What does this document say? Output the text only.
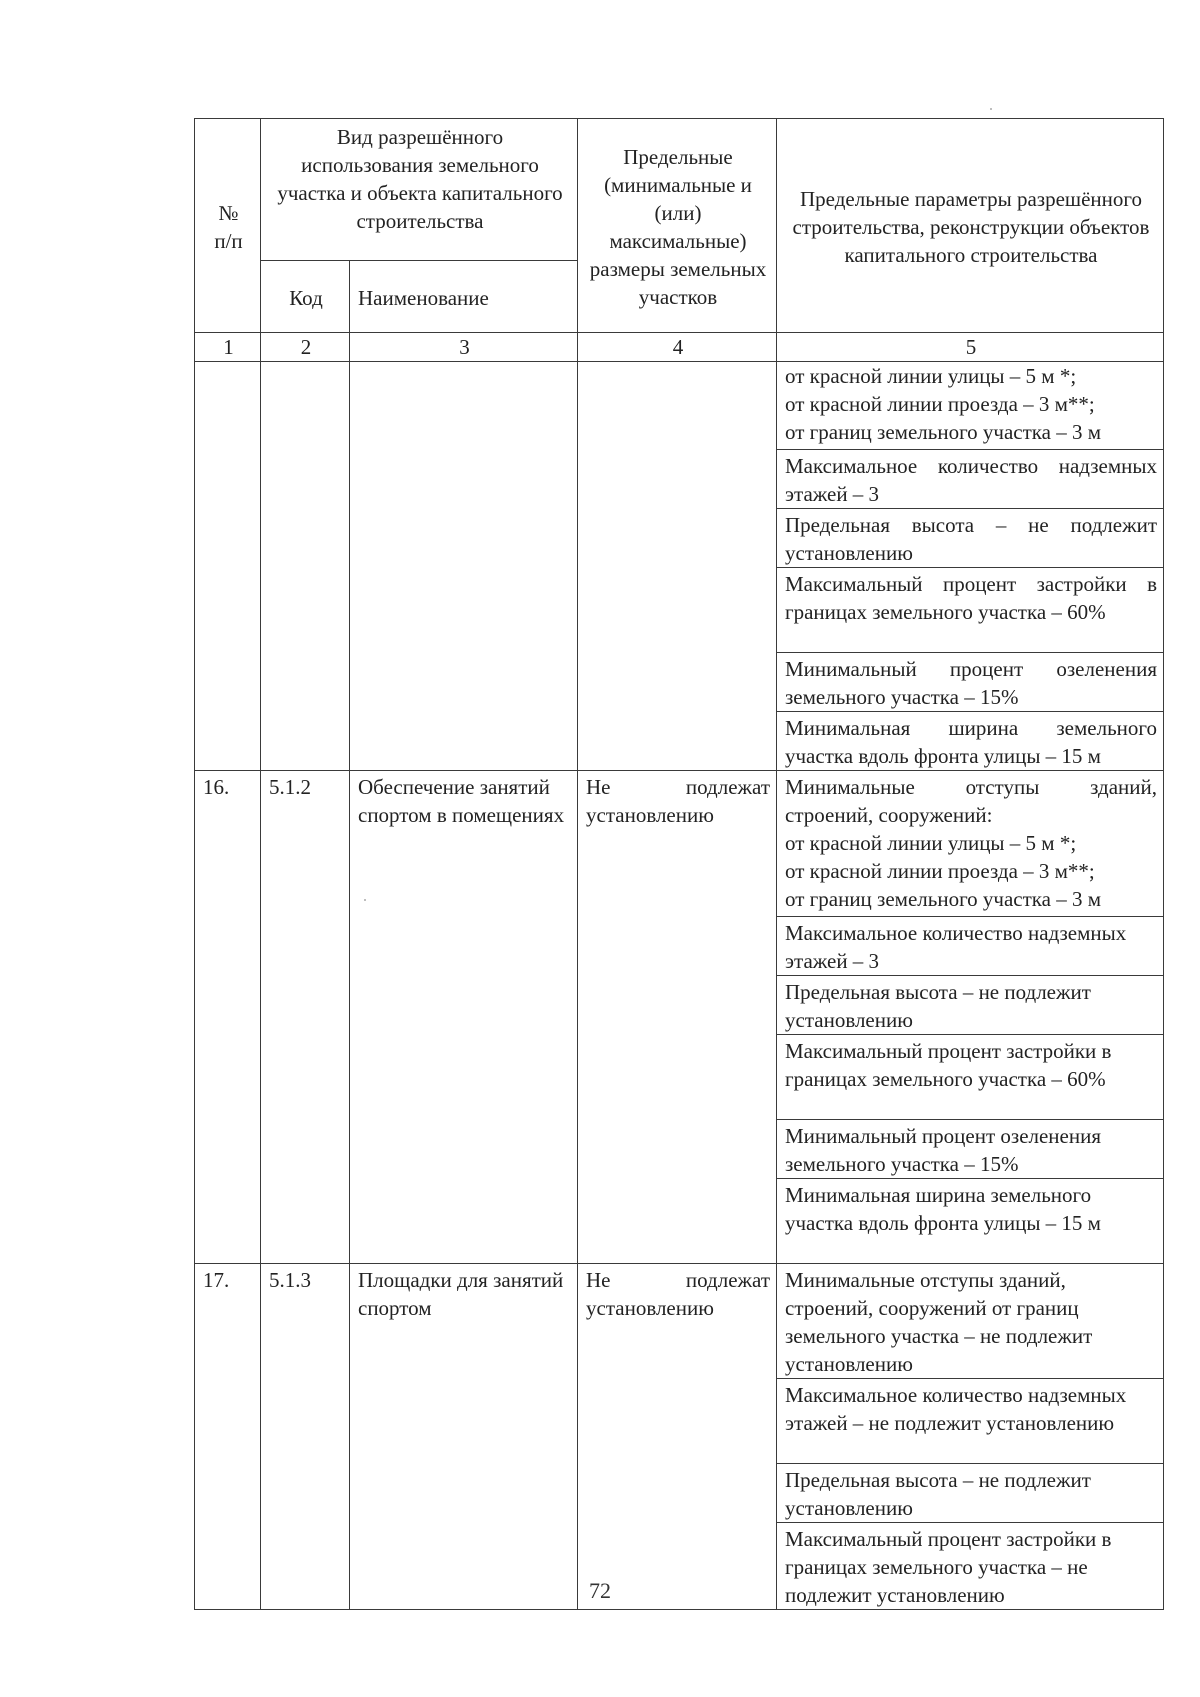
№
п/п	Вид разрешённого использования земельного участка и объекта капитального строительства		Предельные (минимальные и (или) максимальные) размеры земельных участков	Предельные параметры разрешённого строительства, реконструкции объектов капитального строительства
	Код	Наименование		
1	2	3	4	5
				от красной линии улицы – 5 м *;
от красной линии проезда – 3 м**;
от границ земельного участка – 3 м
				Максимальное количество надземных этажей – 3
				Предельная высота – не подлежит установлению
				Максимальный процент застройки в границах земельного участка – 60%
				Минимальный процент озеленения земельного участка – 15%
				Минимальная ширина земельного участка вдоль фронта улицы – 15 м
16.	5.1.2	Обеспечение занятий спортом в помещениях	Не подлежат установлению	Минимальные отступы зданий, строений, сооружений:
от красной линии улицы – 5 м *;
от красной линии проезда – 3 м**;
от границ земельного участка – 3 м
				Максимальное количество надземных этажей – 3
				Предельная высота – не подлежит установлению
				Максимальный процент застройки в границах земельного участка – 60%
				Минимальный процент озеленения земельного участка – 15%
				Минимальная ширина земельного участка вдоль фронта улицы – 15 м
17.	5.1.3	Площадки для занятий спортом	Не подлежат установлению	Минимальные отступы зданий, строений, сооружений от границ земельного участка – не подлежит установлению
				Максимальное количество надземных этажей – не подлежит установлению
				Предельная высота – не подлежит установлению
				Максимальный процент застройки в границах земельного участка – не подлежит установлению
72
